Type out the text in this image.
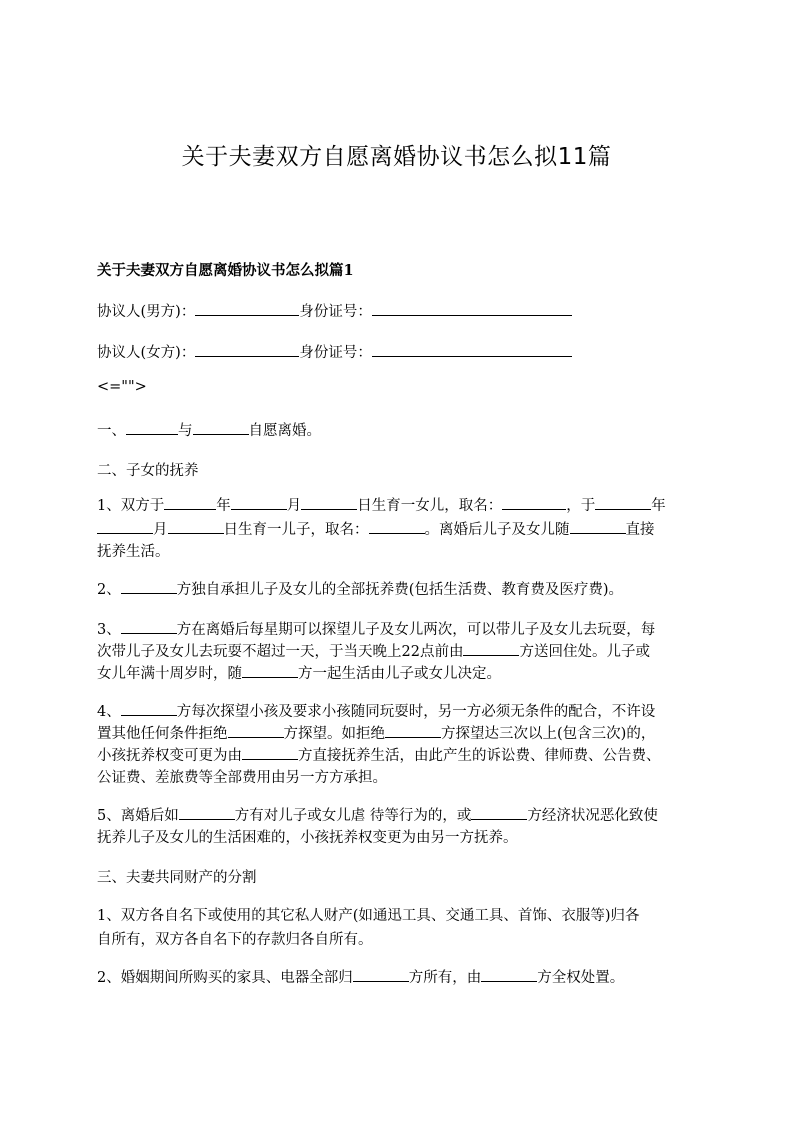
关于夫妻双方自愿离婚协议书怎么拟11篇
关于夫妻双方自愿离婚协议书怎么拟篇1
协议人(男方)：	身份证号：
协议人(女方)：	身份证号：
<="">
一、	与	自愿离婚。
二、子女的抚养
1、双方于	年	月	日生育一女儿，取名：	，于	年
月	日生育一儿子，取名：	。离婚后儿子及女儿随	直接
抚养生活。
2、	方独自承担儿子及女儿的全部抚养费(包括生活费、教育费及医疗费)。
3、	方在离婚后每星期可以探望儿子及女儿两次，可以带儿子及女儿去玩耍，每
次带儿子及女儿去玩耍不超过一天，于当天晚上22点前由	方送回住处。儿子或
女儿年满十周岁时，随	方一起生活由儿子或女儿决定。
4、	方每次探望小孩及要求小孩随同玩耍时，另一方必须无条件的配合，不许设
置其他任何条件拒绝	方探望。如拒绝	方探望达三次以上(包含三次)的，
小孩抚养权变可更为由	方直接抚养生活，由此产生的诉讼费、律师费、公告费、
公证费、差旅费等全部费用由另一方方承担。
5、离婚后如	方有对儿子或女儿虐 待等行为的，或	方经济状况恶化致使
抚养儿子及女儿的生活困难的，小孩抚养权变更为由另一方抚养。
三、夫妻共同财产的分割
1、双方各自名下或使用的其它私人财产(如通迅工具、交通工具、首饰、衣服等)归各
自所有，双方各自名下的存款归各自所有。
2、婚姻期间所购买的家具、电器全部归	方所有，由	方全权处置。
